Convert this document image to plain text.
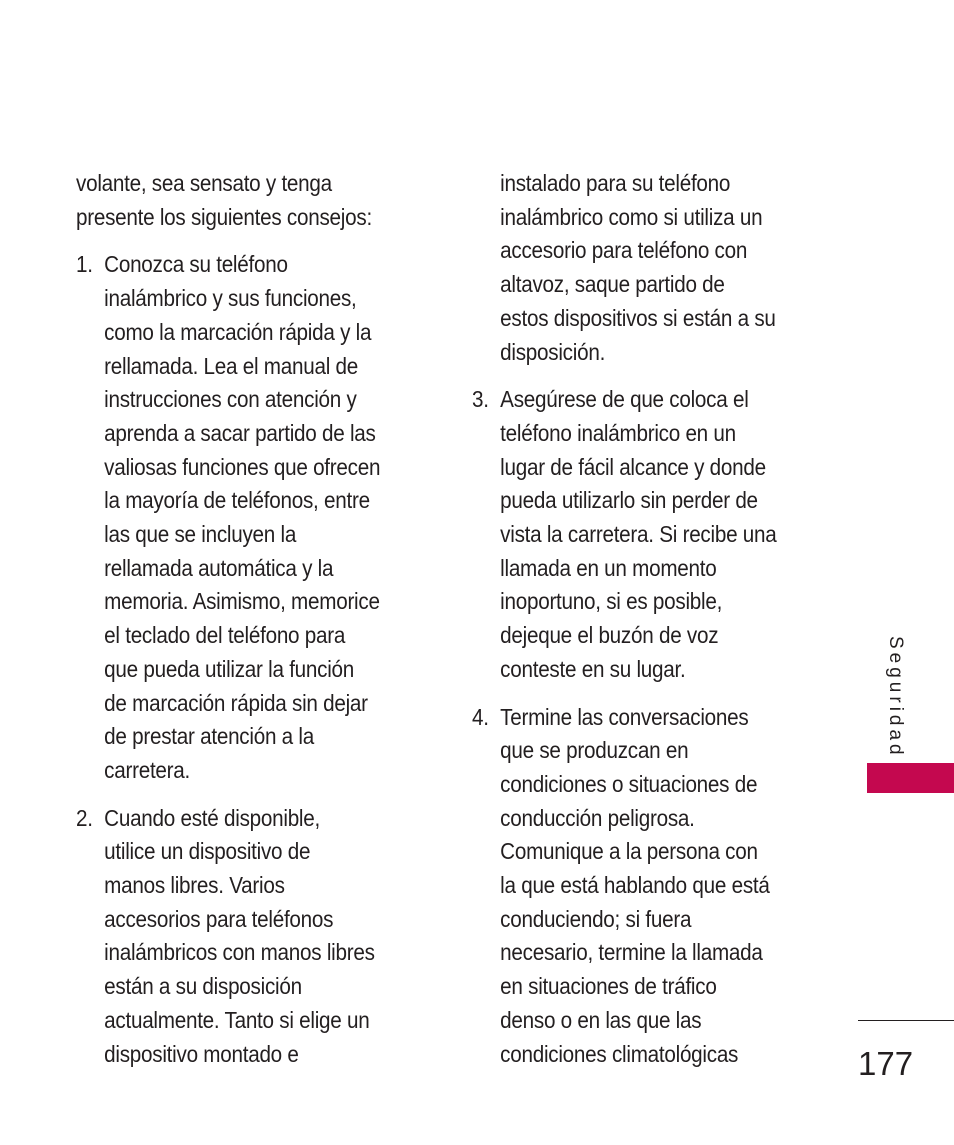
volante, sea sensato y tenga

presente los siguientes consejos:

1. Conozca su teléfono

inalámbrico y sus funciones,

como la marcación rápida y la

rellamada. Lea el manual de

instrucciones con atención y

aprenda a sacar partido de las

valiosas funciones que ofrecen

la mayoría de teléfonos, entre

las que se incluyen la

rellamada automática y la

memoria. Asimismo, memorice

el teclado del teléfono para

que pueda utilizar la función

de marcación rápida sin dejar

de prestar atención a la

carretera.

2. Cuando esté disponible,

utilice un dispositivo de

manos libres. Varios

accesorios para teléfonos

inalámbricos con manos libres

están a su disposición

actualmente. Tanto si elige un

dispositivo montado e

instalado para su teléfono

inalámbrico como si utiliza un

accesorio para teléfono con

altavoz, saque partido de

estos dispositivos si están a su

disposición.

3. Asegúrese de que coloca el

teléfono inalámbrico en un

lugar de fácil alcance y donde

pueda utilizarlo sin perder de

vista la carretera. Si recibe una

llamada en un momento

inoportuno, si es posible,

dejeque el buzón de voz

conteste en su lugar.

4. Termine las conversaciones

que se produzcan en

condiciones o situaciones de

conducción peligrosa.

Comunique a la persona con

la que está hablando que está

conduciendo; si fuera

necesario, termine la llamada

en situaciones de tráfico

denso o en las que las

condiciones climatológicas

Seguridad
177
